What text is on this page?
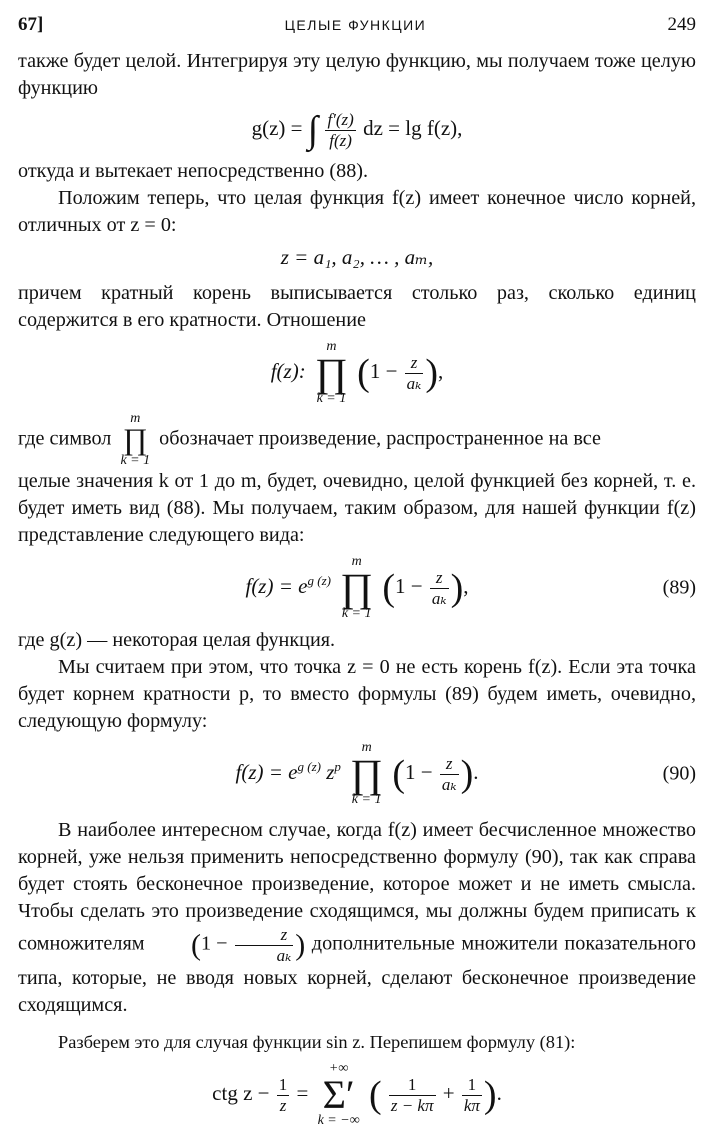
67]	ЦЕЛЫЕ ФУНКЦИИ	249

также будет целой. Интегрируя эту целую функцию, мы получаем тоже целую функцию

g(z) = ∫ $\frac{f'(z)}{f(z)}$ dz = lg f(z),

откуда и вытекает непосредственно (88).

Положим теперь, что целая функция f(z) имеет конечное число корней, отличных от z = 0:

z = a₁, a₂, … , aₘ,

причем кратный корень выписывается столько раз, сколько единиц содержится в его кратности. Отношение

f(z):
m
∏
k = 1
($1 - \frac{z}{\text{aₖ}}$ ),

где символ
m
∏
k = 1
обозначает произведение, распространенное на все

целые значения k от 1 до m, будет, очевидно, целой функцией без корней, т. е. будет иметь вид (88). Мы получаем, таким образом, для нашей функции f(z) представление следующего вида:

$f(z) = e^{g (z)}$
m
∏
k = 1
($1 - \frac{z}{\text{aₖ}}$ ),	(89)

где g(z) — некоторая целая функция.

Мы считаем при этом, что точка z = 0 не есть корень f(z). Если эта точка будет корнем кратности p, то вместо формулы (89) будем иметь, очевидно, следующую формулу:

$f(z) = e^{g (z)}$ $z^p$
m
∏
k = 1
($1 - \frac{z}{\text{aₖ}}$ ).	(90)

В наиболее интересном случае, когда f(z) имеет бесчисленное множество корней, уже нельзя применить непосредственно формулу (90), так как справа будет стоять бесконечное произведение, которое может и не иметь смысла. Чтобы сделать это произведение сходящимся, мы должны будем приписать к сомножителям ($1 - \frac{z}{\text{aₖ}}$ ) дополнительные множители показательного типа, которые, не вводя новых корней, сделают бесконечное произведение сходящимся.

Разберем это для случая функции sin z. Перепишем формулу (81):

ctg $z - \frac{1}{z}$ =
+∞
Σ′
k = −∞
( $\frac{1}{z - k\pi} + \frac{1}{k\pi}$ ).
